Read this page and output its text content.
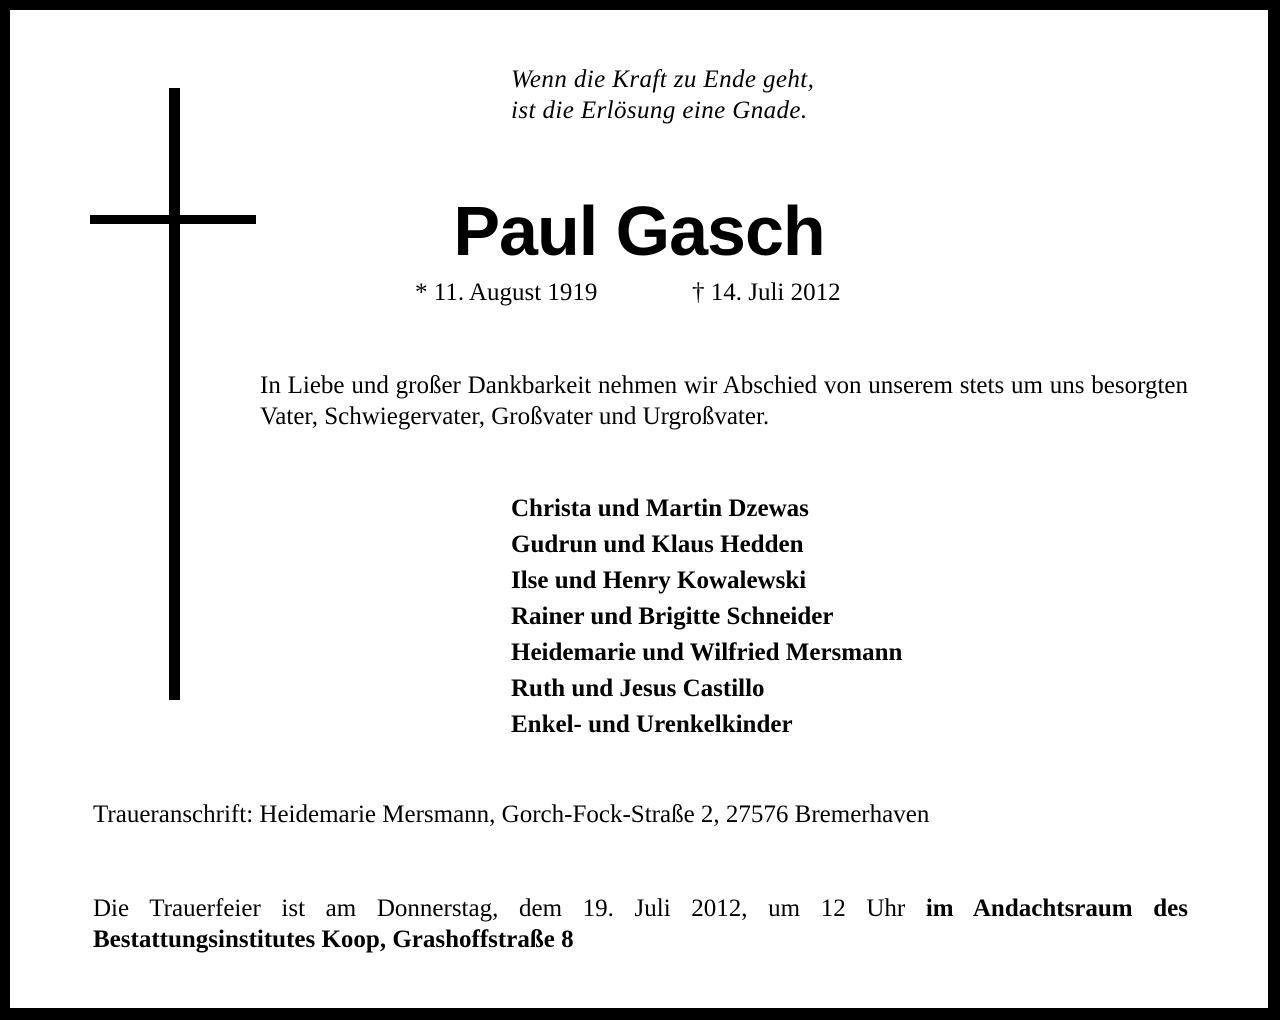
Wenn die Kraft zu Ende geht,
ist die Erlösung eine Gnade.
Paul Gasch
* 11. August 1919	† 14. Juli 2012

In Liebe und großer Dankbarkeit nehmen wir Abschied von unserem stets um uns besorgten Vater, Schwiegervater, Großvater und Urgroßvater.

Christa und Martin Dzewas
Gudrun und Klaus Hedden
Ilse und Henry Kowalewski
Rainer und Brigitte Schneider
Heidemarie und Wilfried Mersmann
Ruth und Jesus Castillo
Enkel- und Urenkelkinder

Traueranschrift: Heidemarie Mersmann, Gorch-Fock-Straße 2, 27576 Bremerhaven

Die Trauerfeier ist am Donnerstag, dem 19. Juli 2012, um 12 Uhr im Andachtsraum des Bestattungsinstitutes Koop, Grashoffstraße 8
